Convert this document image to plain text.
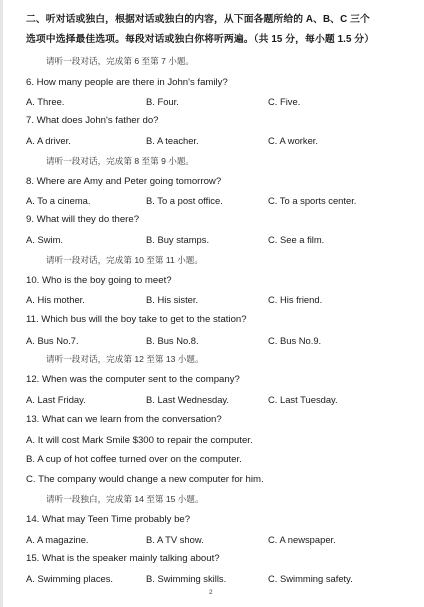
二、听对话或独白，根据对话或独白的内容，从下面各题所给的 A、B、C 三个
选项中选择最佳选项。每段对话或独白你将听两遍。（共 15 分，每小题 1.5 分）
请听一段对话，完成第 6 至第 7 小题。
6. How many people are there in John's family?
A. Three.	B. Four.	C. Five.
7. What does John's father do?
A. A driver.	B. A teacher.	C. A worker.
请听一段对话，完成第 8 至第 9 小题。
8. Where are Amy and Peter going tomorrow?
A. To a cinema.	B. To a post office.	C. To a sports center.
9. What will they do there?
A. Swim.	B. Buy stamps.	C. See a film.
请听一段对话，完成第 10 至第 11 小题。
10. Who is the boy going to meet?
A. His mother.	B. His sister.	C. His friend.
11. Which bus will the boy take to get to the station?
A. Bus No.7.	B. Bus No.8.	C. Bus No.9.
请听一段对话，完成第 12 至第 13 小题。
12. When was the computer sent to the company?
A. Last Friday.	B. Last Wednesday.	C. Last Tuesday.
13. What can we learn from the conversation?
A. It will cost Mark Smile $300 to repair the computer.
B. A cup of hot coffee turned over on the computer.
C. The company would change a new computer for him.
请听一段独白，完成第 14 至第 15 小题。
14. What may Teen Time probably be?
A. A magazine.	B. A TV show.	C. A newspaper.
15. What is the speaker mainly talking about?
A. Swimming places.	B. Swimming skills.	C. Swimming safety.
2
